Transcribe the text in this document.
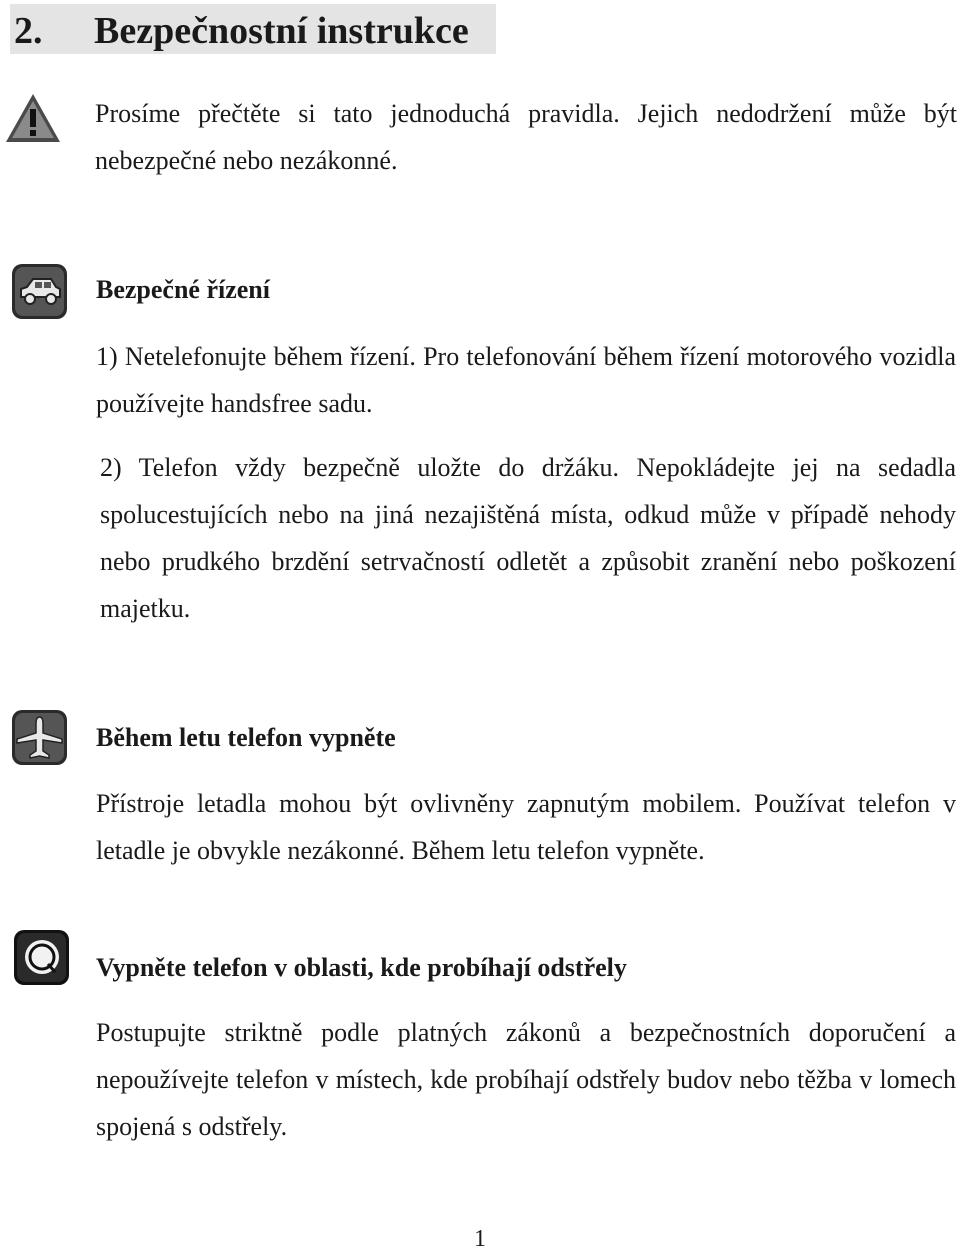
2. Bezpečnostní instrukce

Prosíme přečtěte si tato jednoduchá pravidla. Jejich nedodržení může být nebezpečné nebo nezákonné.

Bezpečné řízení

1) Netelefonujte během řízení. Pro telefonování během řízení motorového vozidla používejte handsfree sadu.

2) Telefon vždy bezpečně uložte do držáku. Nepokládejte jej na sedadla spolucestujících nebo na jiná nezajištěná místa, odkud může v případě nehody nebo prudkého brzdění setrvačností odletět a způsobit zranění nebo poškození majetku.

Během letu telefon vypněte

Přístroje letadla mohou být ovlivněny zapnutým mobilem. Používat telefon v letadle je obvykle nezákonné. Během letu telefon vypněte.

Vypněte telefon v oblasti, kde probíhají odstřely

Postupujte striktně podle platných zákonů a bezpečnostních doporučení a nepoužívejte telefon v místech, kde probíhají odstřely budov nebo těžba v lomech spojená s odstřely.

1
